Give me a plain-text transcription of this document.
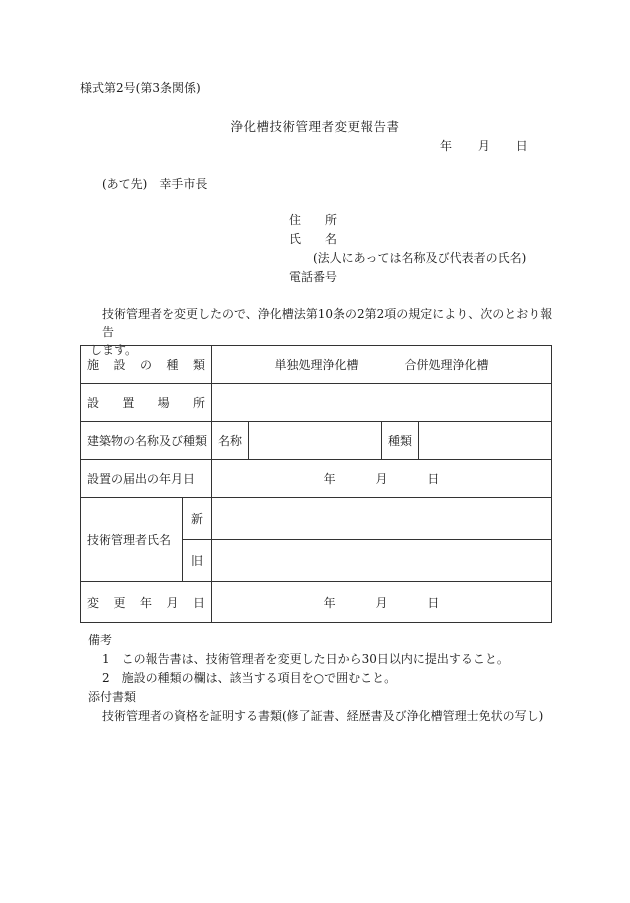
様式第2号(第3条関係)
浄化槽技術管理者変更報告書
年 月 日
(あて先)　幸手市長
住 所
氏 名
(法人にあっては名称及び代表者の氏名)
電話番号

技術管理者を変更したので、浄化槽法第10条の2第2項の規定により、次のとおり報告

します。

施 設 の 種 類		単独処理浄化槽 合併処理浄化槽			

設 置 場 所					

建築物の名称及び種類		名称		種類	
設置の届出の年月日		年 月 日			
技術管理者氏名	新				
	旧				

変 更 年 月 日		年 月 日			
備考
1　この報告書は、技術管理者を変更した日から30日以内に提出すること。
2　施設の種類の欄は、該当する項目を○で囲むこと。
添付書類
技術管理者の資格を証明する書類(修了証書、経歴書及び浄化槽管理士免状の写し)
